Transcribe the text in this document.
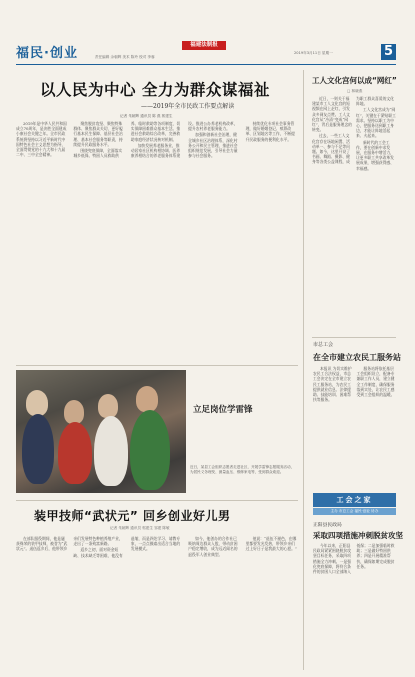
福民·创业	责任编辑 余朝辉 美术 陈玲 校对 李蓉
福建法制报
2019年3月11日 星期一	5
以人民为中心 全力为群众谋福祉
——2019年全市民政工作要点解读
记者 朱朝辉 通讯员 陈 燕 郭建生

2019年是中华人民共和国成立70周年，是决胜全面建成小康社会关键之年。全市民政系统将坚持以习近平新时代中国特色社会主义思想为指导，全面贯彻党的十九大和十九届二中、三中全会精神。

聚焦脱贫攻坚、聚焦特殊群体、聚焦群众关切，更好履行基本民生保障、基层社会治理、基本社会服务等职责，持续提升民政服务水平。

围绕兜底保障，全面落实城乡低保、特困人员救助供养、临时救助等各项制度，切实保障困难群众基本生活。推进社会救助综合改革，完善救助家庭经济状况核对机制。

加快发展养老服务业，推动居家社区机构相协调、医养康养相结合的养老服务体系建设。推进公办养老机构改革，提升农村养老服务能力。

加强和创新社会治理，健全城乡社区治理体系，深化村务公开和民主管理，推进社会组织规范发展，引导社会力量参与社会服务。

持续优化专项社会事务管理，做好婚姻登记、殡葬改革、区划地名等工作，不断提升民政服务的便利化水平。

工人文化宫何以成“网红”
□ 林晓燕

近日，一则关于福建某市工人文化宫的短视频在网上走红，引发众多网友点赞。工人文化宫从“冷清”变成“网红”，背后是服务理念的转变。

过去，一些工人文化宫存在场地闲置、活动单一、参与不足等问题。如今，这里开设了书画、舞蹈、摄影、健身等各类公益课程，成为职工群众喜爱的文化阵地。

工人文化宫成为“网红”，关键在于紧贴职工需求。坚持以职工为中心，把服务送到职工身边，才能让阵地活起来、火起来。

新时代的工会工作，要在创新中求发展，在服务中增活力，让更多职工共享改革发展成果，增强获得感、幸福感。

立足岗位学雷锋
近日，某县工会组织志愿者走进社区，开展学雷锋志愿服务活动，为居民义务理发、测量血压、维修家电等，受到群众欢迎。
装甲技师“武状元” 回乡创业好儿男
记者 朱朝辉 通讯员 郭建生 邹建 陈敏

在部队服役期间，他是屡获殊荣的装甲技师，被誉为“武状元”。退伍返乡后，他带领乡亲们发展特色种植养殖产业，走出了一条致富新路。

返乡之初，面对资金短缺、技术缺乏等困难，他没有退缩，而是四处学习、请教专家，一点点摸索出适合当地的发展模式。

如今，他创办的合作社已吸纳周边群众入股，带动贫困户稳定增收，成为远近闻名的退役军人创业典型。

他说：“退伍不褪色，在哪里都要发光发热，带领乡亲们过上好日子是我最大的心愿。”

市总工会
在全市建立农民工服务站

本报讯 为切实维护农民工合法权益，市总工会决定在全市建立农民工服务站，为农民工提供就业信息、法律援助、技能培训、困难帮扶等服务。

服务站将依托基层工会组织设立，配备专兼职工作人员，建立健全工作制度，确保服务落到实处，让农民工感受到工会组织的温暖。

工会之家
主办 市总工会 福民·创业 协办
正阳县民政局
采取四项措施冲刺脱贫攻坚

今年以来，正阳县民政局紧紧围绕脱贫攻坚目标任务，采取四项措施全力冲刺。一是强化兜底保障，将符合条件的贫困人口全部纳入低保；二是加强临时救助；三是做好特困供养；四是开展精准帮扶，确保如期完成脱贫任务。
